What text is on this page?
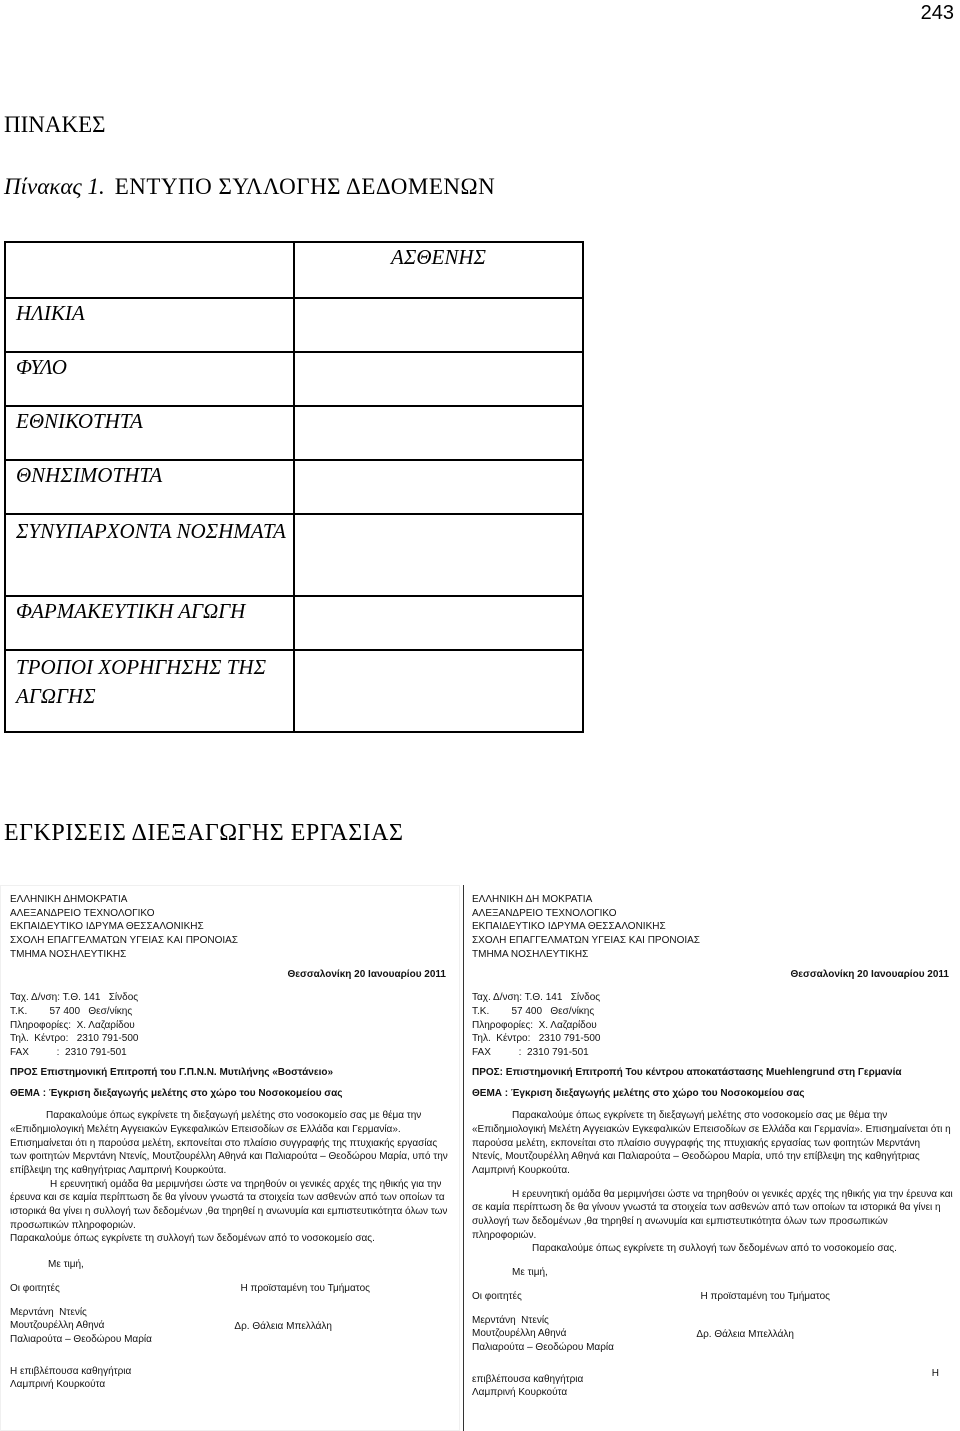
243
ΠΙΝΑΚΕΣ
Πίνακας 1. ΕΝΤΥΠΟ ΣΥΛΛΟΓΗΣ ΔΕΔΟΜΕΝΩΝ
	ΑΣΘΕΝΗΣ
ΗΛΙΚΙΑ	
ΦΥΛΟ	
ΕΘΝΙΚΟΤΗΤΑ	
ΘΝΗΣΙΜΟΤΗΤΑ	
ΣΥΝΥΠΑΡΧΟΝΤΑ ΝΟΣΗΜΑΤΑ	
ΦΑΡΜΑΚΕΥΤΙΚΗ ΑΓΩΓΗ	
ΤΡΟΠΟΙ ΧΟΡΗΓΗΣΗΣ ΤΗΣ ΑΓΩΓΗΣ	
ΕΓΚΡΙΣΕΙΣ ΔΙΕΞΑΓΩΓΗΣ ΕΡΓΑΣΙΑΣ
ΕΛΛΗΝΙΚΗ ΔΗΜΟΚΡΑΤΙΑ
ΑΛΕΞΑΝΔΡΕΙΟ ΤΕΧΝΟΛΟΓΙΚΟ
ΕΚΠΑΙΔΕΥΤΙΚΟ ΙΔΡΥΜΑ ΘΕΣΣΑΛΟΝΙΚΗΣ
ΣΧΟΛΗ ΕΠΑΓΓΕΛΜΑΤΩΝ ΥΓΕΙΑΣ ΚΑΙ ΠΡΟΝΟΙΑΣ
ΤΜΗΜΑ ΝΟΣΗΛΕΥΤΙΚΗΣ
Θεσσαλονίκη 20 Ιανουαρίου 2011
Ταχ. Δ/νση: Τ.Θ. 141   Σίνδος
Τ.Κ.        57 400   Θεσ/νίκης
Πληροφορίες:  Χ. Λαζαρίδου
Τηλ.  Κέντρο:   2310 791-500
FAX          :  2310 791-501
ΠΡΟΣ Επιστημονική Επιτροπή του Γ.Π.Ν.Ν. Μυτιλήνης «Βοστάνειο»
ΘΕΜΑ : Έγκριση διεξαγωγής μελέτης στο χώρο του Νοσοκομείου σας

Παρακαλούμε όπως εγκρίνετε τη διεξαγωγή μελέτης στο νοσοκομείο σας με θέμα την «Επιδημιολογική Μελέτη Αγγειακών Εγκεφαλικών Επεισοδίων σε Ελλάδα και Γερμανία». Επισημαίνεται ότι η παρούσα μελέτη, εκπονείται στο πλαίσιο συγγραφής της πτυχιακής εργασίας των φοιτητών Μερντάνη Ντενίς, Μουτζουρέλλη Αθηνά και Παλιαρούτα – Θεοδώρου Μαρία, υπό την επίβλεψη της καθηγήτριας Λαμπρινή Κουρκούτα.

Η ερευνητική ομάδα θα μεριμνήσει ώστε να τηρηθούν οι γενικές αρχές της ηθικής για την έρευνα και σε καμία περίπτωση δε θα γίνουν γνωστά τα στοιχεία των ασθενών από των οποίων τα ιστορικά θα γίνει η συλλογή των δεδομένων ,θα τηρηθεί η ανωνυμία και εμπιστευτικότητα όλων των προσωπικών πληροφοριών.

Παρακαλούμε όπως εγκρίνετε τη συλλογή των δεδομένων από το νοσοκομείο σας.

Με τιμή,
Οι φοιτητές	Η προϊσταμένη του Τμήματος
Μερντάνη  Ντενίς
Μουτζουρέλλη Αθηνά
Παλιαρούτα – Θεοδώρου Μαρία
Δρ. Θάλεια Μπελλάλη
Η επιβλέπουσα καθηγήτρια
Λαμπρινή Κουρκούτα
ΕΛΛΗΝΙΚΗ ΔΗ ΜΟΚΡΑΤΙΑ
ΑΛΕΞΑΝΔΡΕΙΟ ΤΕΧΝΟΛΟΓΙΚΟ
ΕΚΠΑΙΔΕΥΤΙΚΟ ΙΔΡΥΜΑ ΘΕΣΣΑΛΟΝΙΚΗΣ
ΣΧΟΛΗ ΕΠΑΓΓΕΛΜΑΤΩΝ ΥΓΕΙΑΣ ΚΑΙ ΠΡΟΝΟΙΑΣ
ΤΜΗΜΑ ΝΟΣΗΛΕΥΤΙΚΗΣ
Θεσσαλονίκη 20 Ιανουαρίου 2011
Ταχ. Δ/νση: Τ.Θ. 141   Σίνδος
Τ.Κ.        57 400   Θεσ/νίκης
Πληροφορίες:  Χ. Λαζαρίδου
Τηλ.  Κέντρο:   2310 791-500
FAX          :  2310 791-501
ΠΡΟΣ: Επιστημονική Επιτροπή Του κέντρου αποκατάστασης Muehlengrund στη Γερμανία
ΘΕΜΑ : Έγκριση διεξαγωγής μελέτης στο χώρο του Νοσοκομείου σας

Παρακαλούμε όπως εγκρίνετε τη διεξαγωγή μελέτης στο νοσοκομείο σας με θέμα την «Επιδημιολογική Μελέτη Αγγειακών Εγκεφαλικών Επεισοδίων σε Ελλάδα και Γερμανία». Επισημαίνεται ότι η παρούσα μελέτη, εκπονείται στο πλαίσιο συγγραφής της πτυχιακής εργασίας των φοιτητών Μερντάνη Ντενίς, Μουτζουρέλλη Αθηνά και Παλιαρούτα – Θεοδώρου Μαρία, υπό την επίβλεψη της καθηγήτριας Λαμπρινή Κουρκούτα.

Η ερευνητική ομάδα θα μεριμνήσει ώστε να τηρηθούν οι γενικές αρχές της ηθικής για την έρευνα και σε καμία περίπτωση δε θα γίνουν γνωστά τα στοιχεία των ασθενών από των οποίων τα ιστορικά θα γίνει η συλλογή των δεδομένων ,θα τηρηθεί η ανωνυμία και εμπιστευτικότητα όλων των προσωπικών πληροφοριών.

Παρακαλούμε όπως εγκρίνετε τη συλλογή των δεδομένων από το νοσοκομείο σας.

Με τιμή,
Οι φοιτητές	Η προϊσταμένη του Τμήματος
Μερντάνη  Ντενίς
Μουτζουρέλλη Αθηνά
Παλιαρούτα – Θεοδώρου Μαρία
Δρ. Θάλεια Μπελλάλη
επιβλέπουσα καθηγήτρια
Λαμπρινή Κουρκούτα
Η
